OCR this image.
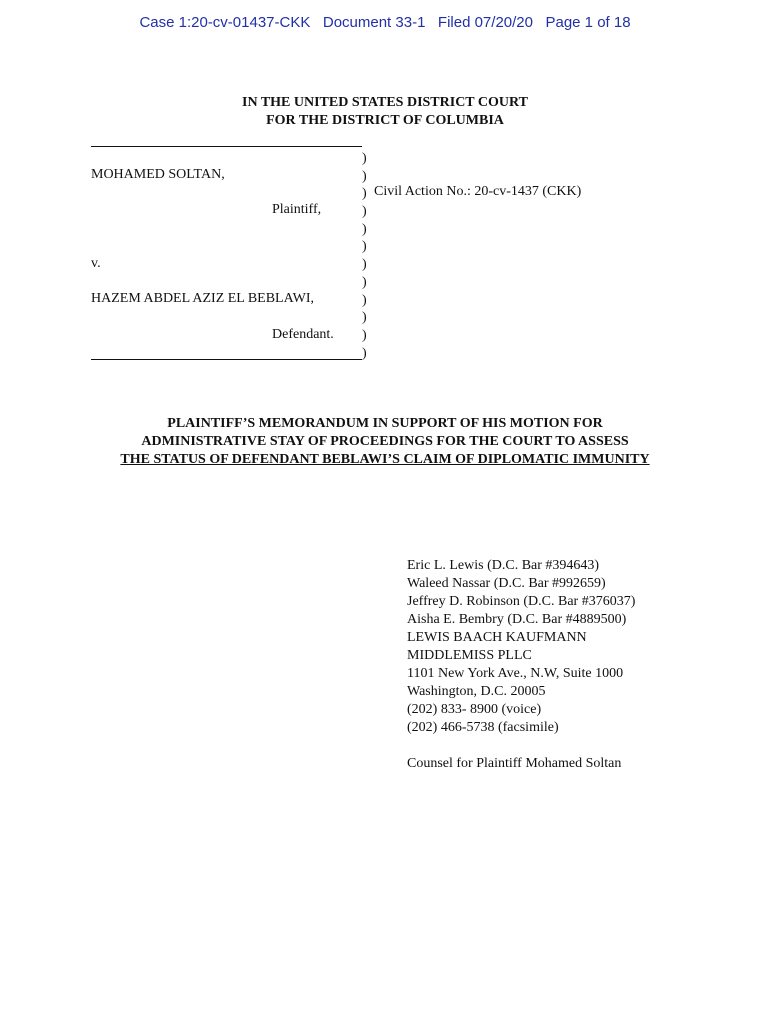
Case 1:20-cv-01437-CKK   Document 33-1   Filed 07/20/20   Page 1 of 18
IN THE UNITED STATES DISTRICT COURT
FOR THE DISTRICT OF COLUMBIA
MOHAMED SOLTAN,
Plaintiff,
v.
HAZEM ABDEL AZIZ EL BEBLAWI,
Defendant.
)
)
)
)
)
)
)
)
)
)
)
)
Civil Action No.: 20-cv-1437 (CKK)
PLAINTIFF’S MEMORANDUM IN SUPPORT OF HIS MOTION FOR
ADMINISTRATIVE STAY OF PROCEEDINGS FOR THE COURT TO ASSESS
THE STATUS OF DEFENDANT BEBLAWI’S CLAIM OF DIPLOMATIC IMMUNITY
Eric L. Lewis (D.C. Bar #394643)
Waleed Nassar (D.C. Bar #992659)
Jeffrey D. Robinson (D.C. Bar #376037)
Aisha E. Bembry (D.C. Bar #4889500)
LEWIS BAACH KAUFMANN
MIDDLEMISS PLLC
1101 New York Ave., N.W, Suite 1000
Washington, D.C. 20005
(202) 833- 8900 (voice)
(202) 466-5738 (facsimile)
Counsel for Plaintiff Mohamed Soltan
